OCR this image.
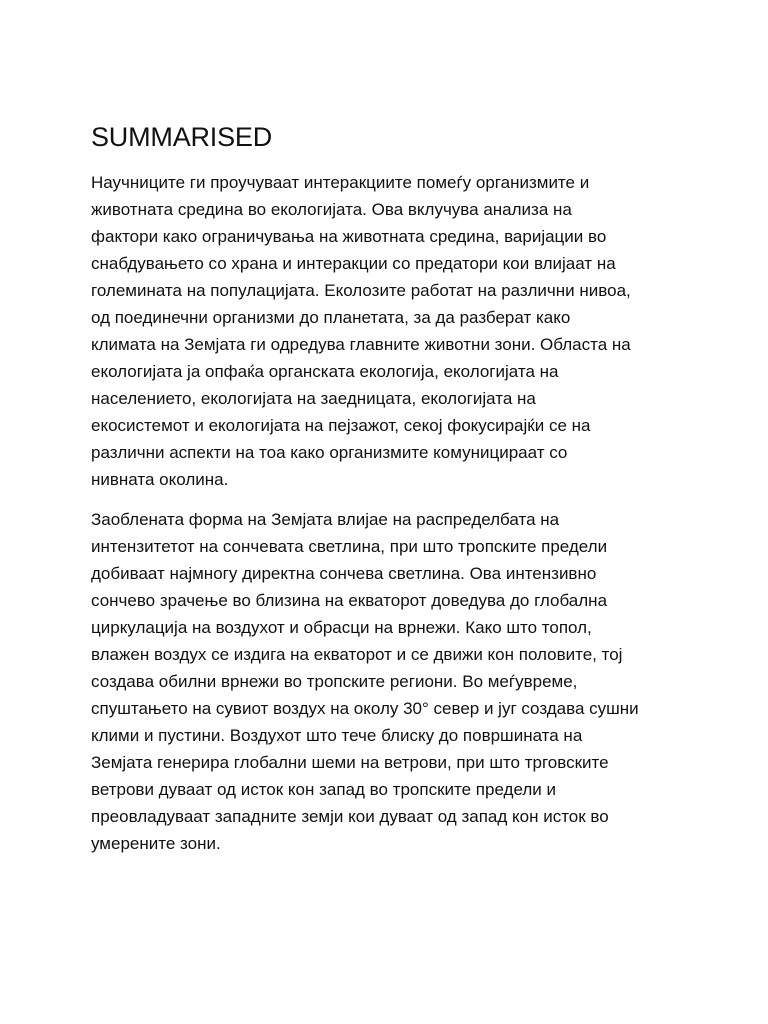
SUMMARISED

Научниците ги проучуваат интеракциите помеѓу организмите и
животната средина во екологијата. Ова вклучува анализа на
фактори како ограничувања на животната средина, варијации во
снабдувањето со храна и интеракции со предатори кои влијаат на
големината на популацијата. Еколозите работат на различни нивоа,
од поединечни организми до планетата, за да разберат како
климата на Земјата ги одредува главните животни зони. Областа на
екологијата ја опфаќа органската екологија, екологијата на
населението, екологијата на заедницата, екологијата на
екосистемот и екологијата на пејзажот, секој фокусирајќи се на
различни аспекти на тоа како организмите комуницираат со
нивната околина.

Заоблената форма на Земјата влијае на распределбата на
интензитетот на сончевата светлина, при што тропските предели
добиваат најмногу директна сончева светлина. Ова интензивно
сончево зрачење во близина на екваторот доведува до глобална
циркулација на воздухот и обрасци на врнежи. Како што топол,
влажен воздух се издига на екваторот и се движи кон половите, тој
создава обилни врнежи во тропските региони. Во меѓувреме,
спуштањето на сувиот воздух на околу 30° север и југ создава сушни
клими и пустини. Воздухот што тече блиску до површината на
Земјата генерира глобални шеми на ветрови, при што трговските
ветрови дуваат од исток кон запад во тропските предели и
преовладуваат западните земји кои дуваат од запад кон исток во
умерените зони.
